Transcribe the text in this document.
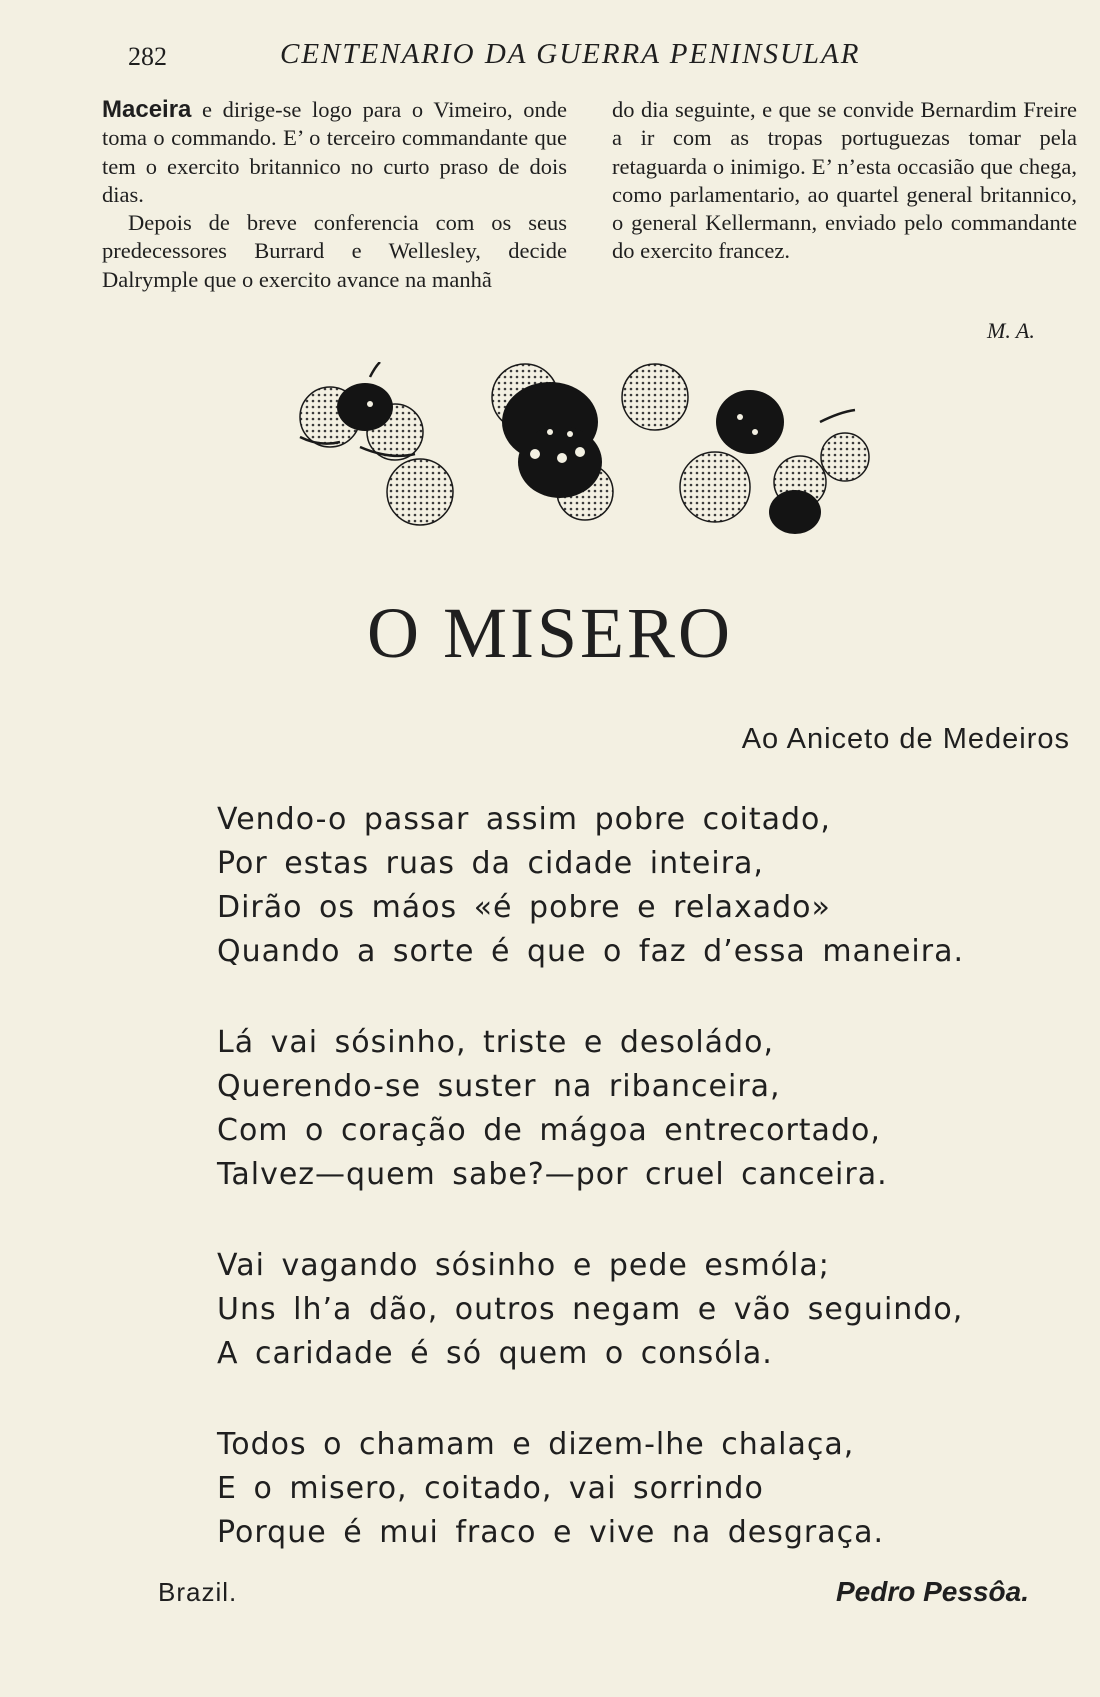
282	CENTENARIO DA GUERRA PENINSULAR

Maceira e dirige-se logo para o Vimeiro, onde toma o commando. E’ o terceiro commandante que tem o exercito britannico no curto praso de dois dias.

Depois de breve conferencia com os seus predecessores Burrard e Wellesley, decide Dalrymple que o exercito avance na manhã

do dia seguinte, e que se convide Bernardim Freire a ir com as tropas portuguezas tomar pela retaguarda o inimigo. E’ n’esta occasião que chega, como parlamentario, ao quartel general britannico, o general Kellermann, enviado pelo commandante do exercito francez.

M. A.
O MISERO
Ao Aniceto de Medeiros
Vendo-o passar assim pobre coitado,
Por estas ruas da cidade inteira,
Dirão os máos «é pobre e relaxado»
Quando a sorte é que o faz d’essa maneira.
Lá vai sósinho, triste e desoládo,
Querendo-se suster na ribanceira,
Com o coração de mágoa entrecortado,
Talvez—quem sabe?—por cruel canceira.
Vai vagando sósinho e pede esmóla;
Uns lh’a dão, outros negam e vão seguindo,
A caridade é só quem o consóla.
Todos o chamam e dizem-lhe chalaça,
E o misero, coitado, vai sorrindo
Porque é mui fraco e vive na desgraça.
Brazil.	Pedro Pessôa.
